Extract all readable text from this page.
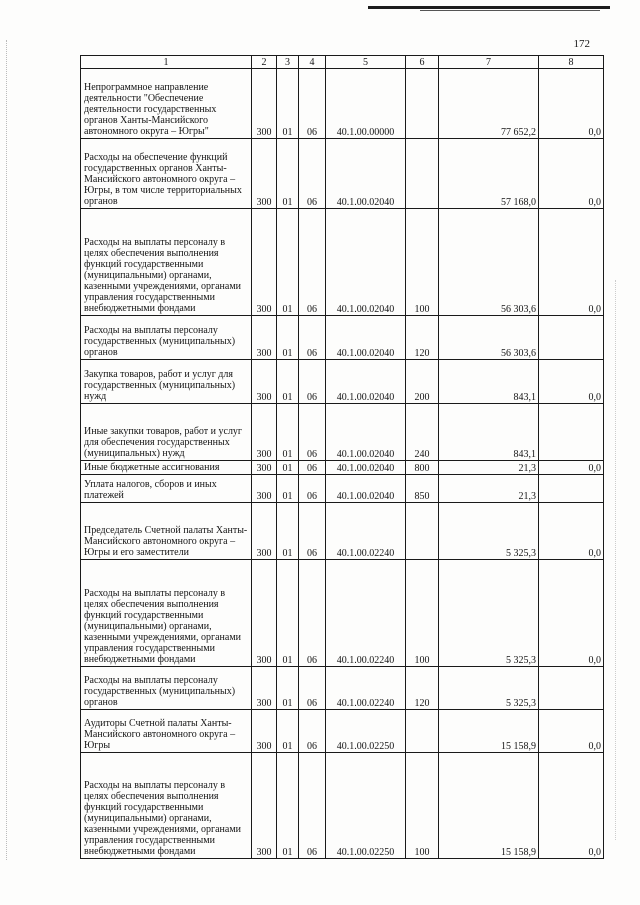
172
1	2	3	4	5	6	7	8
Непрограммное направление деятельности "Обеспечение деятельности государственных органов Ханты-Мансийского автономного округа – Югры"	300	01	06	40.1.00.00000		77 652,2	0,0
Расходы на обеспечение функций государственных органов Ханты-Мансийского автономного округа – Югры, в том числе территориальных органов	300	01	06	40.1.00.02040		57 168,0	0,0
Расходы на выплаты персоналу в целях обеспечения выполнения функций государственными (муниципальными) органами, казенными учреждениями, органами управления государственными внебюджетными фондами	300	01	06	40.1.00.02040	100	56 303,6	0,0
Расходы на выплаты персоналу государственных (муниципальных) органов	300	01	06	40.1.00.02040	120	56 303,6	
Закупка товаров, работ и услуг для государственных (муниципальных) нужд	300	01	06	40.1.00.02040	200	843,1	0,0
Иные закупки товаров, работ и услуг для обеспечения государственных (муниципальных) нужд	300	01	06	40.1.00.02040	240	843,1	
Иные бюджетные ассигнования	300	01	06	40.1.00.02040	800	21,3	0,0
Уплата налогов, сборов и иных платежей	300	01	06	40.1.00.02040	850	21,3	
Председатель Счетной палаты Ханты-Мансийского автономного округа – Югры и его заместители	300	01	06	40.1.00.02240		5 325,3	0,0
Расходы на выплаты персоналу в целях обеспечения выполнения функций государственными (муниципальными) органами, казенными учреждениями, органами управления государственными внебюджетными фондами	300	01	06	40.1.00.02240	100	5 325,3	0,0
Расходы на выплаты персоналу государственных (муниципальных) органов	300	01	06	40.1.00.02240	120	5 325,3	
Аудиторы Счетной палаты Ханты-Мансийского автономного округа – Югры	300	01	06	40.1.00.02250		15 158,9	0,0
Расходы на выплаты персоналу в целях обеспечения выполнения функций государственными (муниципальными) органами, казенными учреждениями, органами управления государственными внебюджетными фондами	300	01	06	40.1.00.02250	100	15 158,9	0,0
